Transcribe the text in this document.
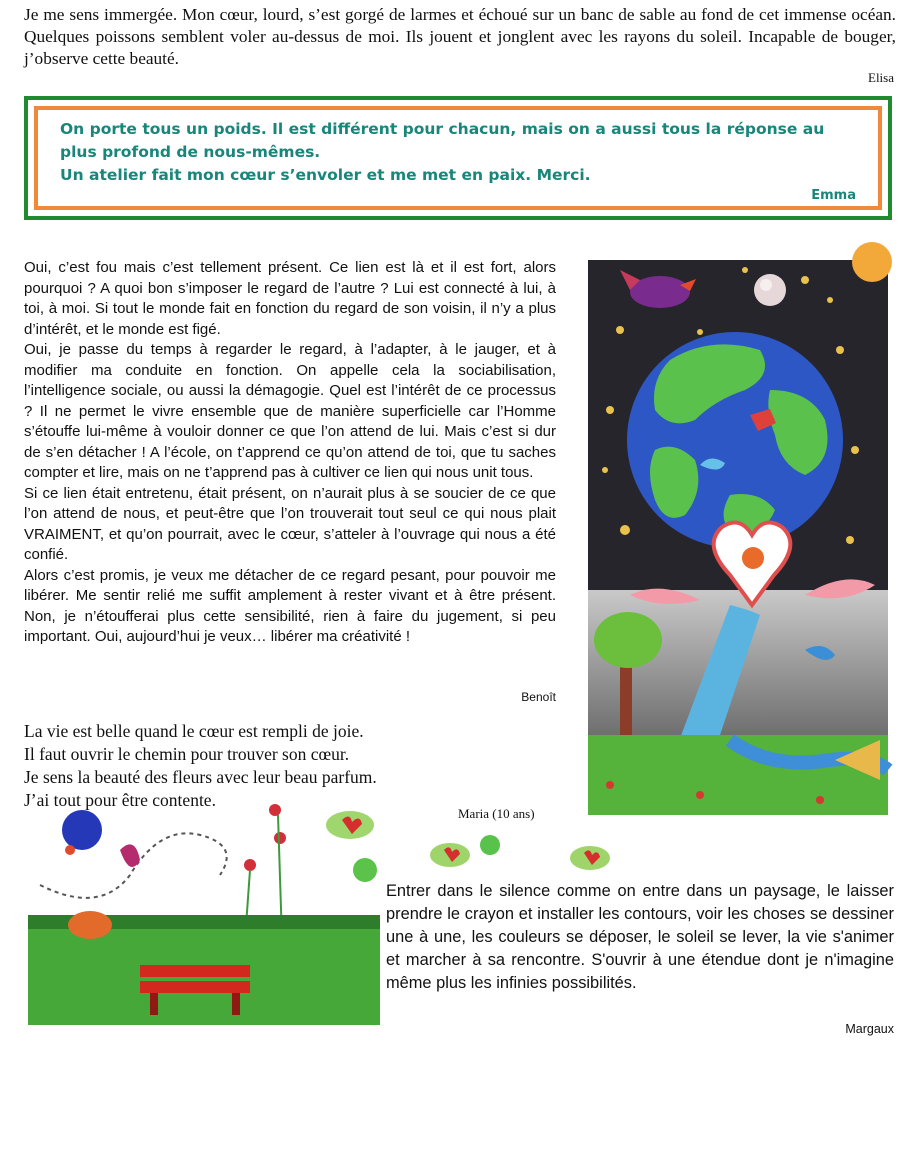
Je me sens immergée. Mon cœur, lourd, s’est gorgé de larmes et échoué sur un banc de sable au fond de cet immense océan. Quelques poissons semblent voler au-dessus de moi. Ils jouent et jonglent avec les rayons du soleil. Incapable de bouger, j’observe cette beauté.
Elisa

On porte tous un poids. Il est différent pour chacun, mais on a aussi tous la réponse au plus profond de nous-mêmes.

Un atelier fait mon cœur s’envoler et me met en paix. Merci.

Emma

Oui, c’est fou mais c’est tellement présent. Ce lien est là et il est fort, alors pourquoi ? A quoi bon s’imposer le regard de l’autre ? Lui est connecté à lui, à toi, à moi. Si tout le monde fait en fonction du regard de son voisin, il n’y a plus d’intérêt, et le monde est figé.

Oui, je passe du temps à regarder le regard, à l’adapter, à le jauger, et à modifier ma conduite en fonction. On appelle cela la sociabilisation, l’intelligence sociale, ou aussi la démagogie. Quel est l’intérêt de ce processus ? Il ne permet le vivre ensemble que de manière superficielle car l’Homme s’étouffe lui-même à vouloir donner ce que l’on attend de lui. Mais c’est si dur de s’en détacher ! A l’école, on t’apprend ce qu’on attend de toi, que tu saches compter et lire, mais on ne t’apprend pas à cultiver ce lien qui nous unit tous.

Si ce lien était entretenu, était présent, on n’aurait plus à se soucier de ce que l’on attend de nous, et peut-être que l’on trouverait tout seul ce qui nous plait VRAIMENT, et qu’on pourrait, avec le cœur, s’atteler à l’ouvrage qui nous a été confié.

Alors c’est promis, je veux me détacher de ce regard pesant, pour pouvoir me libérer. Me sentir relié me suffit amplement à rester vivant et à être présent. Non, je n’étoufferai plus cette sensibilité, rien à faire du jugement, si peu important. Oui, aujourd’hui je veux… libérer ma créativité !

Benoît
La vie est belle quand le cœur est rempli de joie.
Il faut ouvrir le chemin pour trouver son cœur.
Je sens la beauté des fleurs avec leur beau parfum.
J’ai tout pour être contente.
Maria (10 ans)
Entrer dans le silence comme on entre dans un paysage, le laisser prendre le crayon et installer les contours, voir les choses se dessiner une à une, les couleurs se déposer, le soleil se lever, la vie s'animer et marcher à sa rencontre. S'ouvrir à une étendue dont je n'imagine même plus les infinies possibilités.
Margaux
